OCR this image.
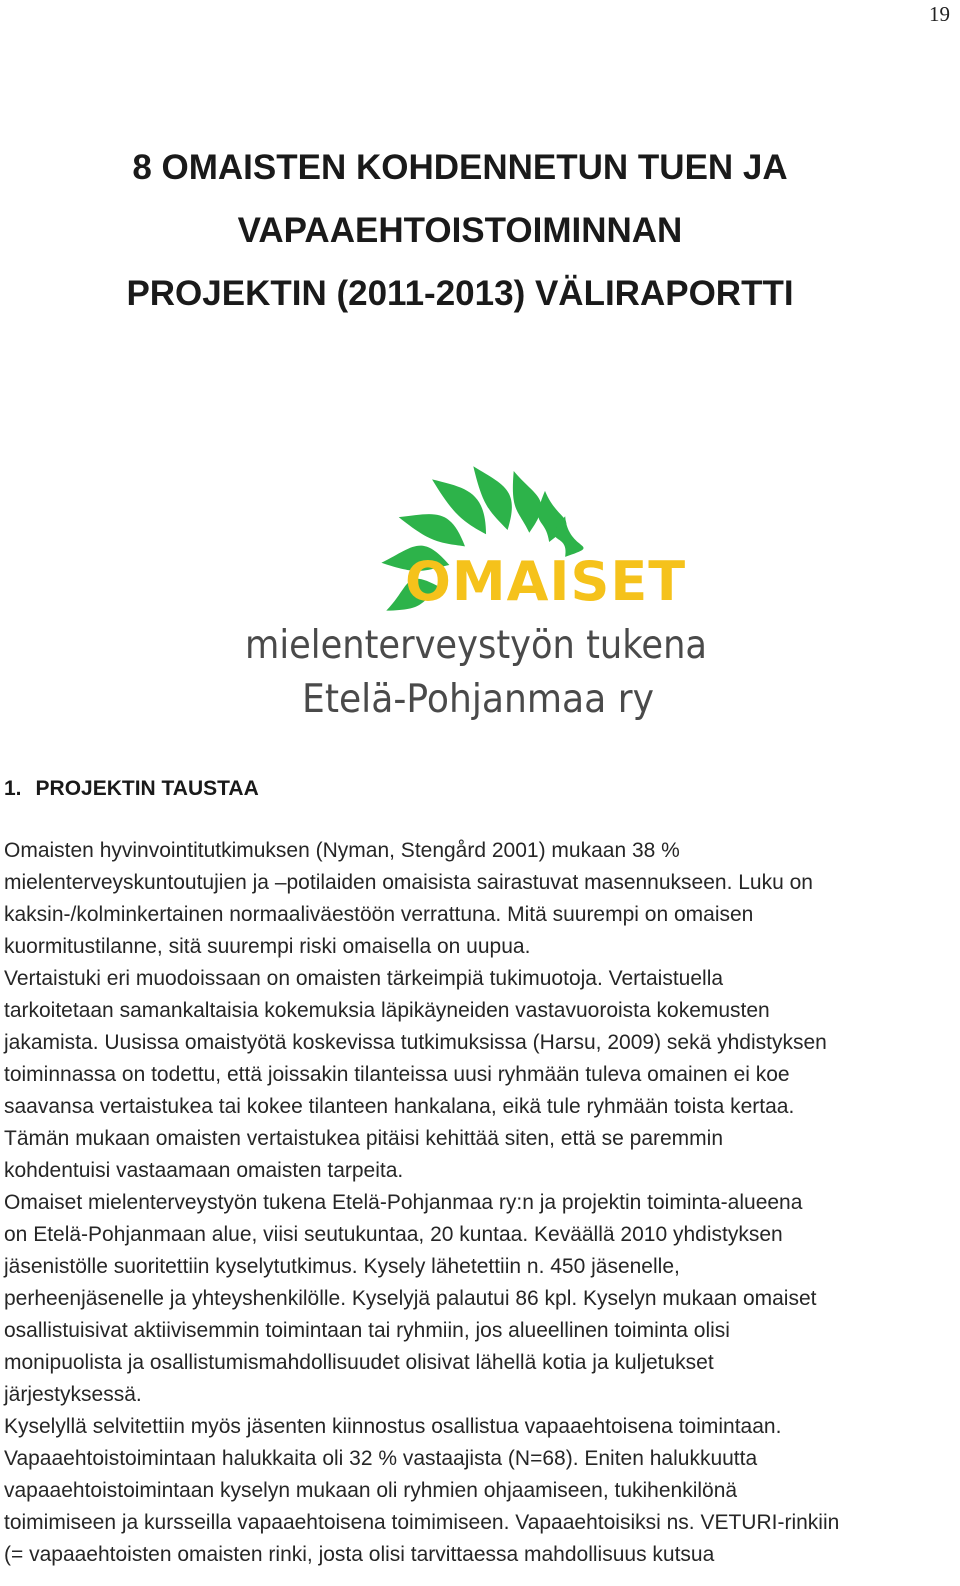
19
8 OMAISTEN KOHDENNETUN TUEN JA
VAPAAEHTOISTOIMINNAN
PROJEKTIN (2011-2013) VÄLIRAPORTTI
OMAISET
mielenterveystyön tukena
Etelä-Pohjanmaa ry
1. PROJEKTIN TAUSTAA

Omaisten hyvinvointitutkimuksen (Nyman, Stengård 2001) mukaan 38 %

mielenterveyskuntoutujien ja –potilaiden omaisista sairastuvat masennukseen. Luku on

kaksin-/kolminkertainen normaaliväestöön verrattuna. Mitä suurempi on omaisen

kuormitustilanne, sitä suurempi riski omaisella on uupua.

Vertaistuki eri muodoissaan on omaisten tärkeimpiä tukimuotoja. Vertaistuella

tarkoitetaan samankaltaisia kokemuksia läpikäyneiden vastavuoroista kokemusten

jakamista. Uusissa omaistyötä koskevissa tutkimuksissa (Harsu, 2009) sekä yhdistyksen

toiminnassa on todettu, että joissakin tilanteissa uusi ryhmään tuleva omainen ei koe

saavansa vertaistukea tai kokee tilanteen hankalana, eikä tule ryhmään toista kertaa.

Tämän mukaan omaisten vertaistukea pitäisi kehittää siten, että se paremmin

kohdentuisi vastaamaan omaisten tarpeita.

Omaiset mielenterveystyön tukena Etelä-Pohjanmaa ry:n ja projektin toiminta-alueena

on Etelä-Pohjanmaan alue, viisi seutukuntaa, 20 kuntaa. Keväällä 2010 yhdistyksen

jäsenistölle suoritettiin kyselytutkimus. Kysely lähetettiin n. 450 jäsenelle,

perheenjäsenelle ja yhteyshenkilölle. Kyselyjä palautui 86 kpl. Kyselyn mukaan omaiset

osallistuisivat aktiivisemmin toimintaan tai ryhmiin, jos alueellinen toiminta olisi

monipuolista ja osallistumismahdollisuudet olisivat lähellä kotia ja kuljetukset

järjestyksessä.

Kyselyllä selvitettiin myös jäsenten kiinnostus osallistua vapaaehtoisena toimintaan.

Vapaaehtoistoimintaan halukkaita oli 32 % vastaajista (N=68). Eniten halukkuutta

vapaaehtoistoimintaan kyselyn mukaan oli ryhmien ohjaamiseen, tukihenkilönä

toimimiseen ja kursseilla vapaaehtoisena toimimiseen. Vapaaehtoisiksi ns. VETURI-rinkiin

(= vapaaehtoisten omaisten rinki, josta olisi tarvittaessa mahdollisuus kutsua
